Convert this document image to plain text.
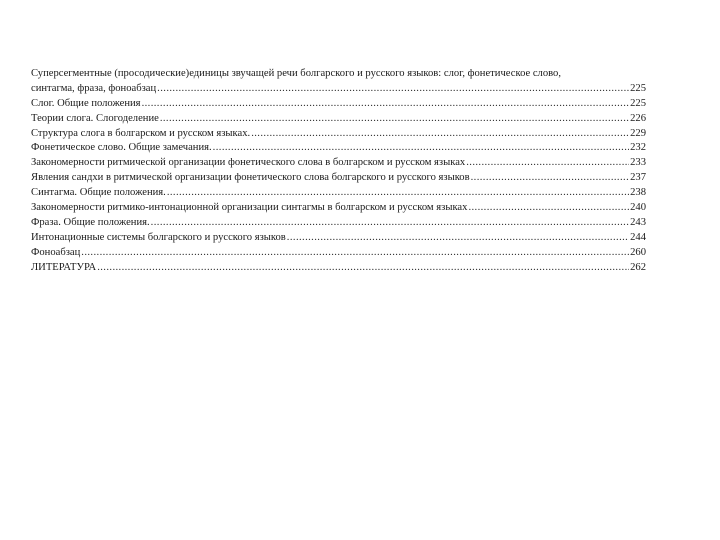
Суперсегментные (просодические)единицы звучащей речи болгарского и русского языков: слог, фонетическое слово,

синтагма, фраза, фоноабзац .....	225
Слог. Общие положения .....	225
Теории слога. Слогоделение .....	226
Структура слога в болгарском и русском языках. .....	229
Фонетическое слово. Общие замечания. .....	232
Закономерности ритмической организации фонетического слова в болгарском и русском языках .....	233
Явления сандхи в ритмической организации фонетического слова болгарского и русского языков .....	237
Синтагма. Общие положения. .....	238
Закономерности ритмико-интонационной организации синтагмы в болгарском и русском языках .....	240
Фраза. Общие положения. .....	243
Интонационные системы болгарского и русского языков .....	244
Фоноабзац .....	260
ЛИТЕРАТУРА .....	262
